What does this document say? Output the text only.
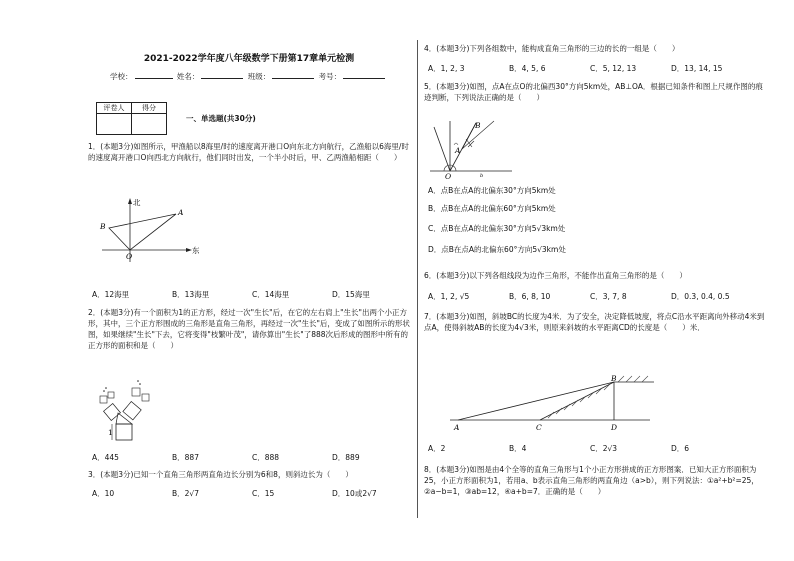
2021-2022学年度八年级数学下册第17章单元检测
学校：	姓名：	班级：	考号：
评卷人	得分

一、单选题(共30分)

1．(本题3分)如图所示，甲渔船以8海里/时的速度离开港口O向东北方向航行，乙渔船以6海里/时的速度离开港口O向西北方向航行，他们同时出发，一个半小时后，甲、乙两渔船相距（　　）

北
东
A
B
O
A．12海里	B．13海里	C．14海里	D．15海里

2．(本题3分)有一个面积为1的正方形，经过一次"生长"后，在它的左右肩上"生长"出两个小正方形，其中，三个正方形围成的三角形是直角三角形，再经过一次"生长"后，变成了如图所示的形状图，如果继续"生长"下去，它将变得"枝繁叶茂"，请你算出"生长"了888次后形成的图形中所有的正方形的面积和是（　　）

1
A．445	B．887	C．888	D．889

3．(本题3分)已知一个直角三角形两直角边长分别为6和8，则斜边长为（　　）

A．10	B．2√7	C．15	D．10或2√7

4．(本题3分)下列各组数中，能构成直角三角形的三边的长的一组是（　　）

A．1, 2, 3	B．4, 5, 6	C．5, 12, 13	D．13, 14, 15

5．(本题3分)如图，点A在点O的北偏西30°方向5km处，AB⊥OA．根据已知条件和图上尺规作图的痕迹判断，下列说法正确的是（　　）

B
A
O	b

A．点B在点A的北偏东30°方向5km处

B．点B在点A的北偏东60°方向5km处

C．点B在点A的北偏东30°方向5√3km处

D．点B在点A的北偏东60°方向5√3km处

6．(本题3分)以下列各组线段为边作三角形，不能作出直角三角形的是（　　）

A．1, 2, √5	B．6, 8, 10	C．3, 7, 8	D．0.3, 0.4, 0.5

7．(本题3分)如图，斜坡BC的长度为4米．为了安全，决定降低坡度，将点C沿水平距离向外移动4米到点A，使得斜坡AB的长度为4√3米，则原来斜坡的水平距离CD的长度是（　　）米．

A	C
B
D
A．2	B．4	C．2√3	D．6

8．(本题3分)如图是由4个全等的直角三角形与1个小正方形拼成的正方形图案．已知大正方形面积为25，小正方形面积为1，若用a、b表示直角三角形的两直角边（a>b），则下列说法：①a²+b²=25，②a−b=1，③ab=12，④a+b=7．正确的是（　　）
